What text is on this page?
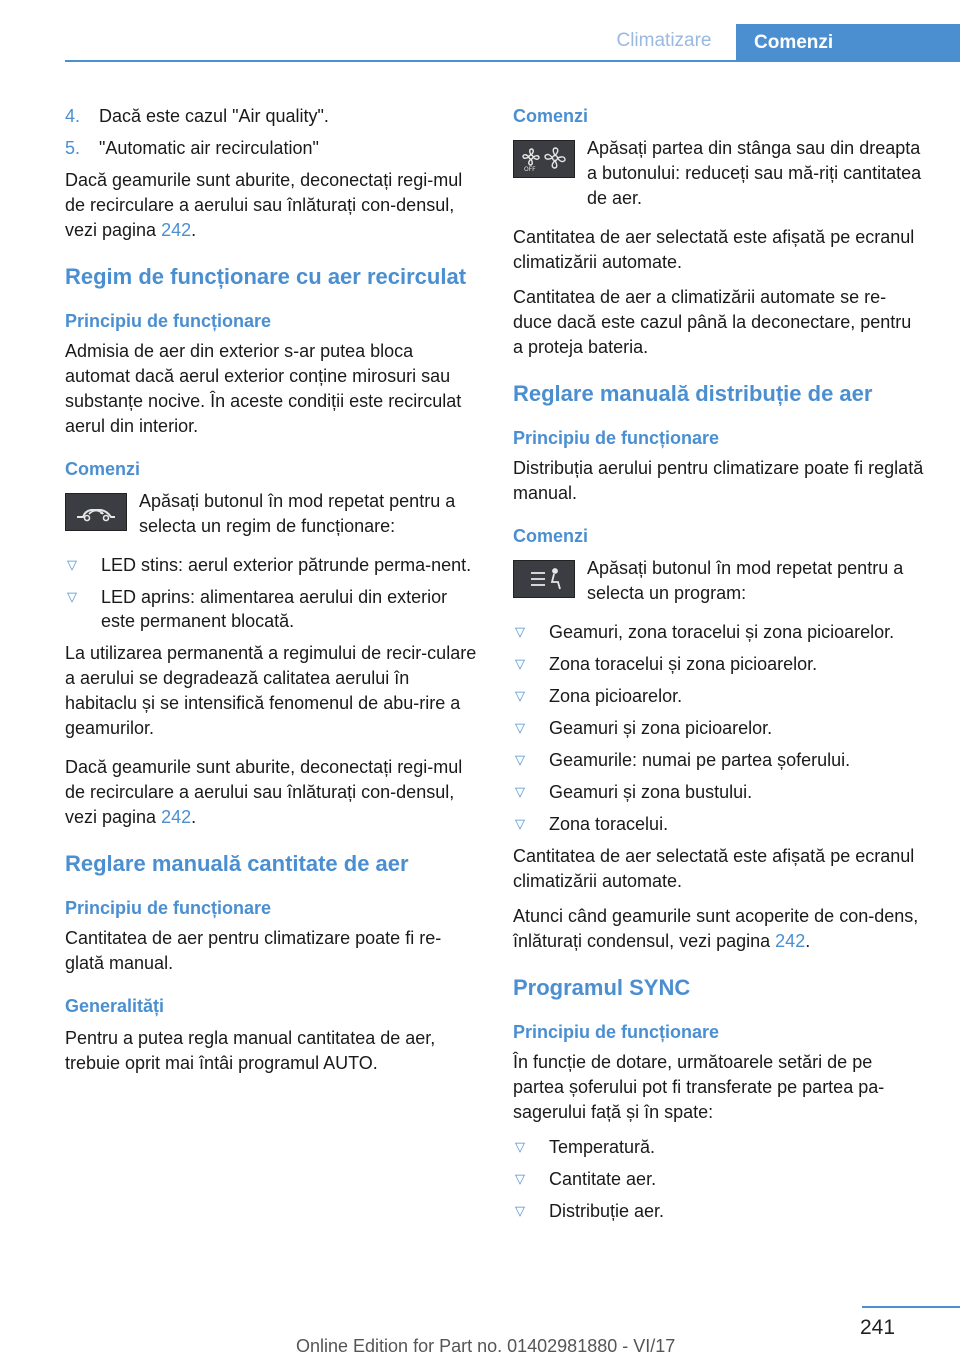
Climatizare	Comenzi
4.	Dacă este cazul "Air quality".
5.	"Automatic air recirculation"

Dacă geamurile sunt aburite, deconectați regi-mul de recirculare a aerului sau înlăturați con-densul, vezi pagina 242.

Regim de funcționare cu aer recirculat
Principiu de funcționare

Admisia de aer din exterior s-ar putea bloca automat dacă aerul exterior conține mirosuri sau substanțe nocive. În aceste condiții este recirculat aerul din interior.

Comenzi

Apăsați butonul în mod repetat pentru a selecta un regim de funcționare:

▽	LED stins: aerul exterior pătrunde perma-nent.
▽	LED aprins: alimentarea aerului din exterior este permanent blocată.

La utilizarea permanentă a regimului de recir-culare a aerului se degradează calitatea aerului în habitaclu și se intensifică fenomenul de abu-rire a geamurilor.

Dacă geamurile sunt aburite, deconectați regi-mul de recirculare a aerului sau înlăturați con-densul, vezi pagina 242.

Reglare manuală cantitate de aer
Principiu de funcționare

Cantitatea de aer pentru climatizare poate fi re-glată manual.

Generalități

Pentru a putea regla manual cantitatea de aer, trebuie oprit mai întâi programul AUTO.

Comenzi
OFF

Apăsați partea din stânga sau din dreapta a butonului: reduceți sau mă-riți cantitatea de aer.

Cantitatea de aer selectată este afișată pe ecranul climatizării automate.

Cantitatea de aer a climatizării automate se re-duce dacă este cazul până la deconectare, pentru a proteja bateria.

Reglare manuală distribuție de aer
Principiu de funcționare

Distribuția aerului pentru climatizare poate fi reglată manual.

Comenzi

Apăsați butonul în mod repetat pentru a selecta un program:

▽	Geamuri, zona toracelui și zona picioarelor.
▽	Zona toracelui și zona picioarelor.
▽	Zona picioarelor.
▽	Geamuri și zona picioarelor.
▽	Geamurile: numai pe partea șoferului.
▽	Geamuri și zona bustului.
▽	Zona toracelui.

Cantitatea de aer selectată este afișată pe ecranul climatizării automate.

Atunci când geamurile sunt acoperite de con-dens, înlăturați condensul, vezi pagina 242.

Programul SYNC
Principiu de funcționare

În funcție de dotare, următoarele setări de pe partea șoferului pot fi transferate pe partea pa-sagerului față și în spate:

▽	Temperatură.
▽	Cantitate aer.
▽	Distribuție aer.
241
Online Edition for Part no. 01402981880 - VI/17
